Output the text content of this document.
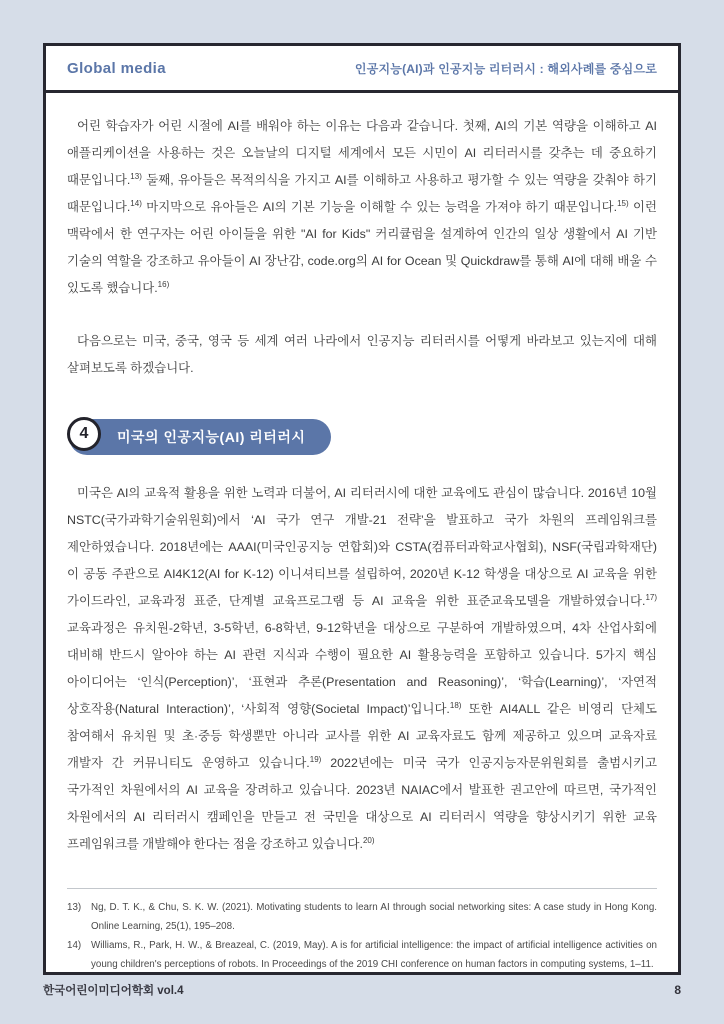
Global media	인공지능(AI)과 인공지능 리터러시 : 해외사례를 중심으로

어린 학습자가 어린 시절에 AI를 배워야 하는 이유는 다음과 같습니다. 첫째, AI의 기본 역량을 이해하고 AI 애플리케이션을 사용하는 것은 오늘날의 디지털 세계에서 모든 시민이 AI 리터러시를 갖추는 데 중요하기 때문입니다.$^{13)}$ 둘째, 유아들은 목적의식을 가지고 AI를 이해하고 사용하고 평가할 수 있는 역량을 갖춰야 하기 때문입니다.$^{14)}$ 마지막으로 유아들은 AI의 기본 기능을 이해할 수 있는 능력을 가져야 하기 때문입니다.$^{15)}$ 이런 맥락에서 한 연구자는 어린 아이들을 위한 "AI for Kids" 커리큘럼을 설계하여 인간의 일상 생활에서 AI 기반 기술의 역할을 강조하고 유아들이 AI 장난감, code.org의 AI for Ocean 및 Quickdraw를 통해 AI에 대해 배울 수 있도록 했습니다.$^{16)}$

다음으로는 미국, 중국, 영국 등 세계 여러 나라에서 인공지능 리터러시를 어떻게 바라보고 있는지에 대해 살펴보도록 하겠습니다.

4 미국의 인공지능(AI) 리터러시

미국은 AI의 교육적 활용을 위한 노력과 더불어, AI 리터러시에 대한 교육에도 관심이 많습니다. 2016년 10월 NSTC(국가과학기술위원회)에서 ‘AI 국가 연구 개발-21 전략’을 발표하고 국가 차원의 프레임워크를 제안하였습니다. 2018년에는 AAAI(미국인공지능 연합회)와 CSTA(컴퓨터과학교사협회), NSF(국립과학재단)이 공동 주관으로 AI4K12(AI for K-12) 이니셔티브를 설립하여, 2020년 K-12 학생을 대상으로 AI 교육을 위한 가이드라인, 교육과정 표준, 단계별 교육프로그램 등 AI 교육을 위한 표준교육모델을 개발하였습니다.$^{17)}$ 교육과정은 유치원-2학년, 3-5학년, 6-8학년, 9-12학년을 대상으로 구분하여 개발하였으며, 4차 산업사회에 대비해 반드시 알아야 하는 AI 관련 지식과 수행이 필요한 AI 활용능력을 포함하고 있습니다. 5가지 핵심 아이디어는 ‘인식(Perception)’, ‘표현과 추론(Presentation and Reasoning)’, ‘학습(Learning)’, ‘자연적 상호작용(Natural Interaction)’, ‘사회적 영향(Societal Impact)’입니다.$^{18)}$ 또한 AI4ALL 같은 비영리 단체도 참여해서 유치원 및 초·중등 학생뿐만 아니라 교사를 위한 AI 교육자료도 함께 제공하고 있으며 교육자료 개발자 간 커뮤니티도 운영하고 있습니다.$^{19)}$ 2022년에는 미국 국가 인공지능자문위원회를 출범시키고 국가적인 차원에서의 AI 교육을 장려하고 있습니다. 2023년 NAIAC에서 발표한 권고안에 따르면, 국가적인 차원에서의 AI 리터러시 캠페인을 만들고 전 국민을 대상으로 AI 리터러시 역량을 향상시키기 위한 교육 프레임워크를 개발해야 한다는 점을 강조하고 있습니다.$^{20)}$

13) Ng, D. T. K., & Chu, S. K. W. (2021). Motivating students to learn AI through social networking sites: A case study in Hong Kong. Online Learning, 25(1), 195–208.
14) Williams, R., Park, H. W., & Breazeal, C. (2019, May). A is for artificial intelligence: the impact of artificial intelligence activities on young children's perceptions of robots. In Proceedings of the 2019 CHI conference on human factors in computing systems, 1–11.
한국어린이미디어학회 vol.4	8
